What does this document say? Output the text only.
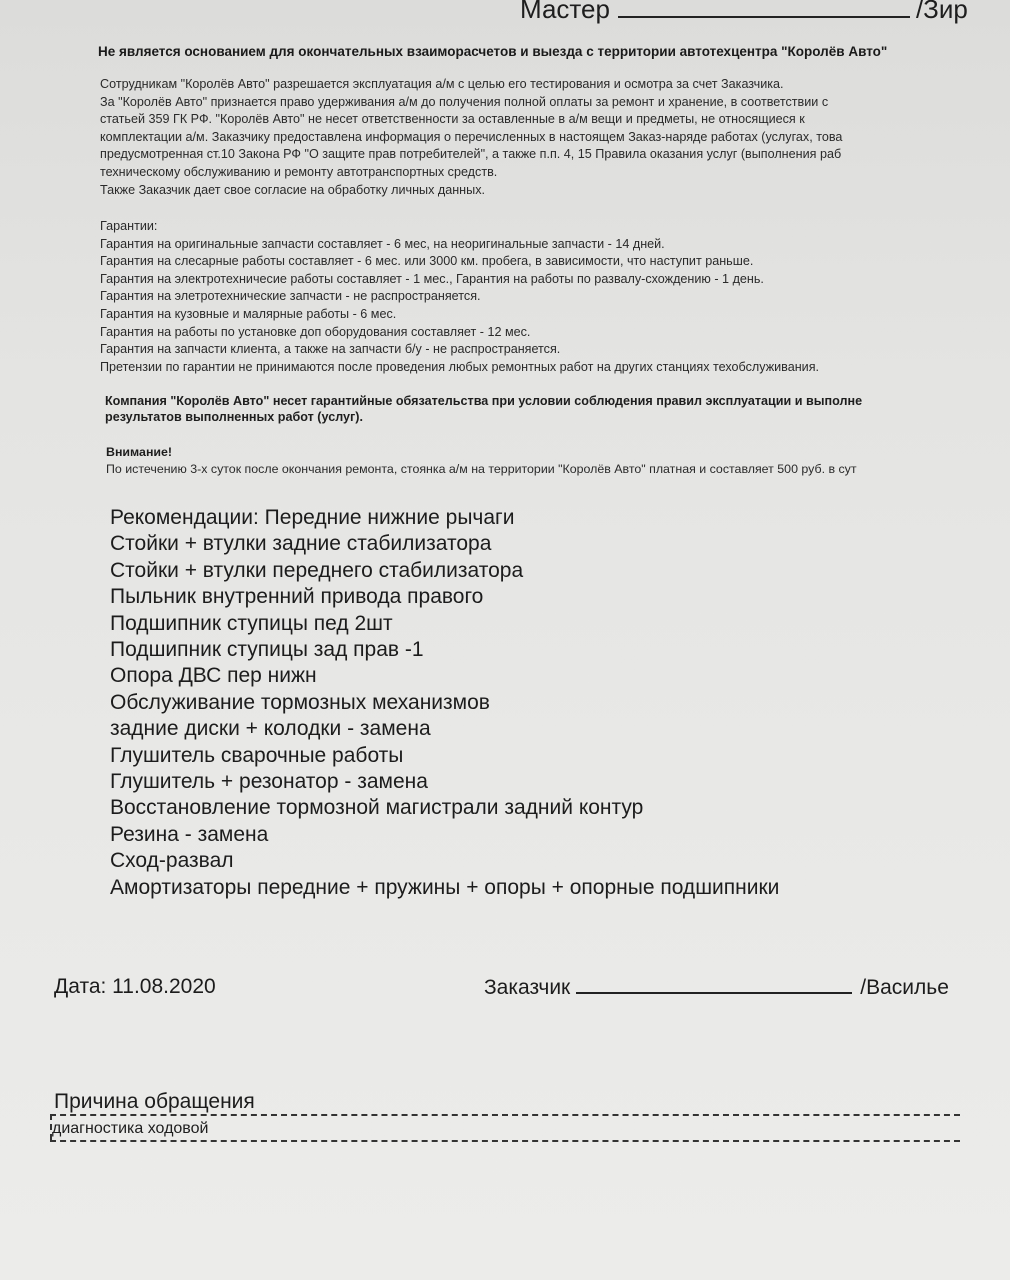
Мастер	/Зир
Не является основанием для окончательных взаиморасчетов и выезда с территории автотехцентра "Королёв Авто"
Сотрудникам "Королёв Авто" разрешается эксплуатация а/м с целью его тестирования и осмотра за счет Заказчика.
За "Королёв Авто" признается право удерживания а/м до получения полной оплаты за ремонт и хранение, в соответствии с
статьей 359 ГК РФ. "Королёв Авто" не несет ответственности за оставленные в а/м вещи и предметы, не относящиеся к
комплектации а/м. Заказчику предоставлена информация о перечисленных в настоящем Заказ-наряде работах (услугах, това
предусмотренная ст.10 Закона РФ "О защите прав потребителей", а также п.п. 4, 15 Правила оказания услуг (выполнения раб
техническому обслуживанию и ремонту автотранспортных средств.
Также Заказчик дает свое согласие на обработку личных данных.
Гарантии:
Гарантия на оригинальные запчасти составляет - 6 мес, на неоригинальные запчасти - 14 дней.
Гарантия на слесарные работы составляет - 6 мес. или 3000 км. пробега, в зависимости, что наступит раньше.
Гарантия на электротехничесие работы составляет - 1 мес., Гарантия на работы по развалу-схождению - 1 день.
Гарантия на элетротехнические запчасти - не распространяется.
Гарантия на кузовные и малярные работы - 6 мес.
Гарантия на работы по установке доп оборудования составляет - 12 мес.
Гарантия на запчасти клиента, а также на запчасти б/у - не распространяется.
Претензии по гарантии не принимаются после проведения любых ремонтных работ на других станциях техобслуживания.
Компания "Королёв Авто" несет гарантийные обязательства при условии соблюдения правил эксплуатации и выполне
результатов выполненных работ (услуг).
Внимание!
По истечению 3-х суток после окончания ремонта, стоянка а/м на территории "Королёв Авто" платная и составляет 500 руб. в сут
Рекомендации: Передние нижние рычаги
Стойки + втулки задние стабилизатора
Стойки + втулки переднего стабилизатора
Пыльник внутренний привода правого
Подшипник ступицы пед 2шт
Подшипник ступицы зад прав -1
Опора ДВС пер нижн
Обслуживание тормозных механизмов
задние диски + колодки - замена
Глушитель сварочные работы
Глушитель + резонатор - замена
Восстановление тормозной магистрали задний контур
Резина - замена
Сход-развал
Амортизаторы передние + пружины + опоры + опорные подшипники
Дата: 11.08.2020	Заказчик	/Василье
Причина обращения
диагностика ходовой
